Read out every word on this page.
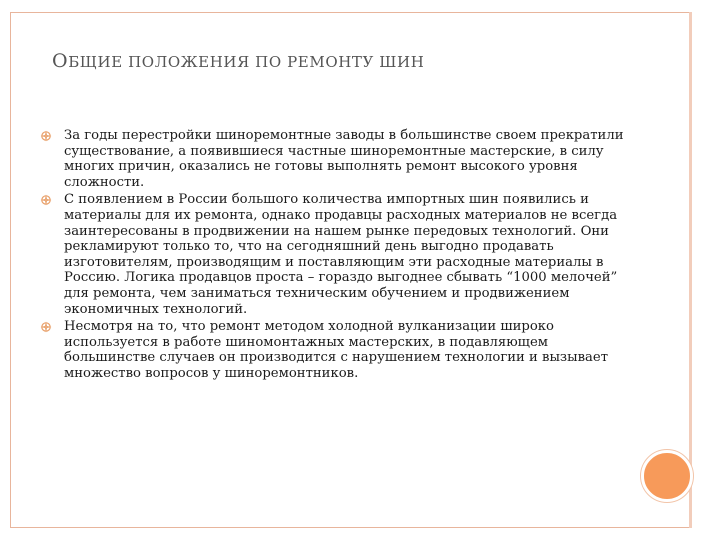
ОБЩИЕ ПОЛОЖЕНИЯ ПО РЕМОНТУ ШИН
За годы перестройки шиноремонтные заводы в большинстве своем прекратили существование, а появившиеся частные шиноремонтные мастерские, в силу многих причин, оказались не готовы выполнять ремонт высокого уровня сложности.
С появлением в России большого количества импортных шин появились и материалы для их ремонта, однако продавцы расходных материалов не всегда заинтересованы в продвижении на нашем рынке передовых технологий. Они рекламируют только то, что на сегодняшний день выгодно продавать изготовителям, производящим и поставляющим эти расходные материалы в Россию. Логика продавцов проста – гораздо выгоднее сбывать “1000 мелочей” для ремонта, чем заниматься техническим обучением и продвижением экономичных технологий.
Несмотря на то, что ремонт методом холодной вулканизации широко используется в работе шиномонтажных мастерских, в подавляющем большинстве случаев он производится с нарушением технологии и вызывает множество вопросов у шиноремонтников.
